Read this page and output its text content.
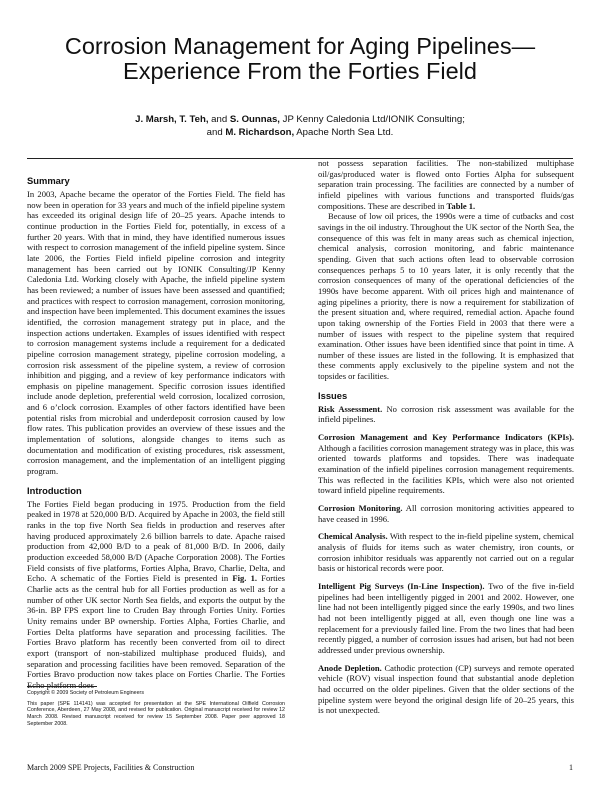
Corrosion Management for Aging Pipelines—Experience From the Forties Field
J. Marsh, T. Teh, and S. Ounnas, JP Kenny Caledonia Ltd/IONIK Consulting;
and M. Richardson, Apache North Sea Ltd.
Summary

In 2003, Apache became the operator of the Forties Field. The field has now been in operation for 33 years and much of the infield pipeline system has exceeded its original design life of 20–25 years. Apache intends to continue production in the Forties Field for, potentially, in excess of a further 20 years. With that in mind, they have identified numerous issues with respect to corrosion management of the infield pipeline system. Since late 2006, the Forties Field infield pipeline corrosion and integrity management has been carried out by IONIK Consulting/JP Kenny Caledonia Ltd. Working closely with Apache, the infield pipeline system has been reviewed; a number of issues have been assessed and quantified; and practices with respect to corrosion management, corrosion monitoring, and inspection have been implemented. This document examines the issues identified, the corrosion management strategy put in place, and the inspection actions undertaken. Examples of issues identified with respect to corrosion management systems include a requirement for a dedicated pipeline corrosion management strategy, pipeline corrosion modeling, a corrosion risk assessment of the pipeline system, a review of corrosion inhibition and pigging, and a review of key performance indicators with emphasis on pipeline management. Specific corrosion issues identified include anode depletion, preferential weld corrosion, localized corrosion, and 6 o’clock corrosion. Examples of other factors identified have been potential risks from microbial and underdeposit corrosion caused by low flow rates. This publication provides an overview of these issues and the implementation of solutions, alongside changes to items such as documentation and modification of existing procedures, risk assessment, corrosion management, and the implementation of an intelligent pigging program.

Introduction

The Forties Field began producing in 1975. Production from the field peaked in 1978 at 520,000 B/D. Acquired by Apache in 2003, the field still ranks in the top five North Sea fields in production and reserves after having produced approximately 2.6 billion barrels to date. Apache raised production from 42,000 B/D to a peak of 81,000 B/D. In 2006, daily production exceeded 58,000 B/D (Apache Corporation 2008). The Forties Field consists of five platforms, Forties Alpha, Bravo, Charlie, Delta, and Echo. A schematic of the Forties Field is presented in Fig. 1. Forties Charlie acts as the central hub for all Forties production as well as for a number of other UK sector North Sea fields, and exports the output by the 36-in. BP FPS export line to Cruden Bay through Forties Unity. Forties Unity remains under BP ownership. Forties Alpha, Forties Charlie, and Forties Delta platforms have separation and processing facilities. The Forties Bravo platform has recently been converted from oil to direct export (transport of non-stabilized multiphase produced fluids), and separation and processing facilities have been removed. Separation of the Forties Bravo production now takes place on Forties Charlie. The Forties Echo platform does

Copyright © 2009 Society of Petroleum Engineers
This paper (SPE 114141) was accepted for presentation at the SPE International Oilfield Corrosion Conference, Aberdeen, 27 May 2008, and revised for publication. Original manuscript received for review 12 March 2008. Revised manuscript received for review 15 September 2008. Paper peer approved 18 September 2008.

not possess separation facilities. The non-stabilized multiphase oil/gas/produced water is flowed onto Forties Alpha for subsequent separation train processing. The facilities are connected by a number of infield pipelines with various functions and transported fluids/gas compositions. These are described in Table 1.

Because of low oil prices, the 1990s were a time of cutbacks and cost savings in the oil industry. Throughout the UK sector of the North Sea, the consequence of this was felt in many areas such as chemical injection, chemical analysis, corrosion monitoring, and fabric maintenance spending. Given that such actions often lead to observable corrosion consequences perhaps 5 to 10 years later, it is only recently that the corrosion consequences of many of the operational deficiencies of the 1990s have become apparent. With oil prices high and maintenance of aging pipelines a priority, there is now a requirement for stabilization of the present situation and, where required, remedial action. Apache found upon taking ownership of the Forties Field in 2003 that there were a number of issues with respect to the pipeline system that required examination. Other issues have been identified since that point in time. A number of these issues are listed in the following. It is emphasized that these comments apply exclusively to the pipeline system and not the topsides or facilities.

Issues

Risk Assessment. No corrosion risk assessment was available for the infield pipelines.

Corrosion Management and Key Performance Indicators (KPIs). Although a facilities corrosion management strategy was in place, this was oriented towards platforms and topsides. There was inadequate examination of the infield pipelines corrosion management requirements. This was reflected in the facilities KPIs, which were also not oriented toward infield pipeline requirements.

Corrosion Monitoring. All corrosion monitoring activities appeared to have ceased in 1996.

Chemical Analysis. With respect to the in-field pipeline system, chemical analysis of fluids for items such as water chemistry, iron counts, or corrosion inhibitor residuals was apparently not carried out on a regular basis or historical records were poor.

Intelligent Pig Surveys (In-Line Inspection). Two of the five in-field pipelines had been intelligently pigged in 2001 and 2002. However, one line had not been intelligently pigged since the early 1990s, and two lines had not been intelligently pigged at all, even though one line was a replacement for a previously failed line. From the two lines that had been recently pigged, a number of corrosion issues had arisen, but had not been addressed under previous ownership.

Anode Depletion. Cathodic protection (CP) surveys and remote operated vehicle (ROV) visual inspection found that substantial anode depletion had occurred on the older pipelines. Given that the older sections of the pipeline system were beyond the original design life of 20–25 years, this is not unexpected.

March 2009 SPE Projects, Facilities & Construction	1
